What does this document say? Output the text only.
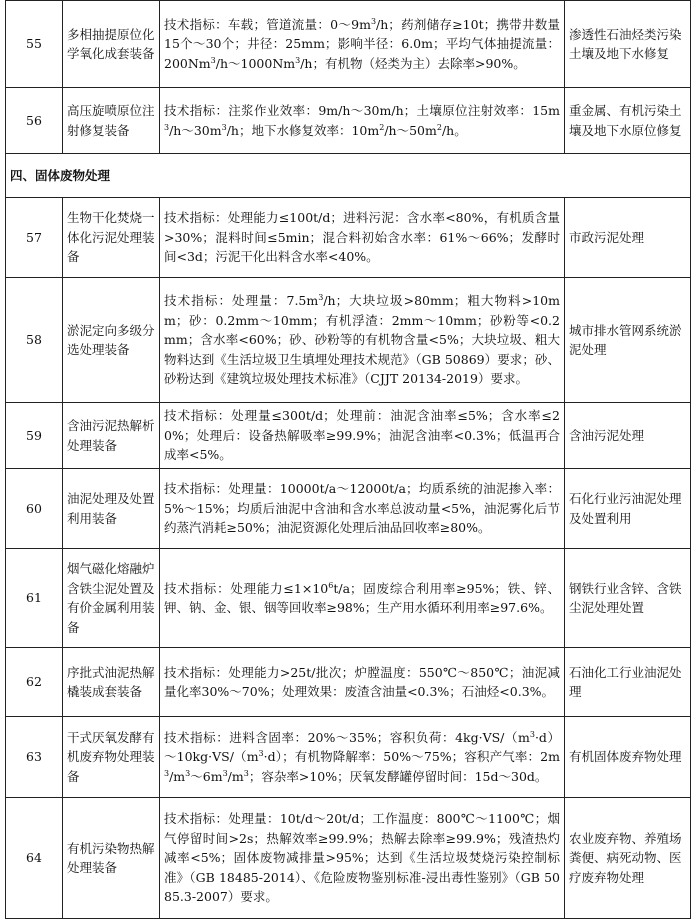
55	多相抽提原位化学氧化成套装备	技术指标：车载；管道流量：$0\sim 9m^3/h$；药剂储存≥10t；携带井数量15个～30个；井径：25mm；影响半径：6.0m；平均气体抽提流量：200Nm$^3$/h～1000Nm$^3$/h；有机物（烃类为主）去除率>90%。	渗透性石油烃类污染土壤及地下水修复
56	高压旋喷原位注射修复装备	技术指标：注浆作业效率：9m/h～30m/h；土壤原位注射效率：$15m^3/h\sim 30m^3/h$；地下水修复效率：$10m^2/h\sim 50m^2/h$。	重金属、有机污染土壤及地下水原位修复
四、固体废物处理			
57	生物干化焚烧一体化污泥处理装备	技术指标：处理能力≤100t/d；进料污泥：含水率<80%，有机质含量>30%；混料时间≤5min；混合料初始含水率：61%～66%；发酵时间<3d；污泥干化出料含水率<40%。	市政污泥处理
58	淤泥定向多级分选处理装备	技术指标：处理量：$7.5m^3/h$；大块垃圾>80mm；粗大物料>10mm；砂：0.2mm～10mm；有机浮渣：2mm～10mm；砂粉等<0.2mm；含水率<60%；砂、砂粉等的有机物含量<5%；大块垃圾、粗大物料达到《生活垃圾卫生填埋处理技术规范》（GB 50869）要求；砂、砂粉达到《建筑垃圾处理技术标准》（CJJT 20134-2019）要求。	城市排水管网系统淤泥处理
59	含油污泥热解析处理装备	技术指标：处理量≤300t/d；处理前：油泥含油率≤5%；含水率≤20%；处理后：设备热解吸率≥99.9%；油泥含油率<0.3%；低温再合成率<5%。	含油污泥处理
60	油泥处理及处置利用装备	技术指标：处理量：10000t/a～12000t/a；均质系统的油泥掺入率：5%～15%；均质后油泥中含油和含水率总波动量<5%，油泥雾化后节约蒸汽消耗≥50%；油泥资源化处理后油品回收率≥80%。	石化行业污油泥处理及处置利用
61	烟气磁化熔融炉含铁尘泥处置及有价金属利用装备	技术指标：处理能力$\le 1\times 10^6t/a$；固废综合利用率≥95%；铁、锌、钾、钠、金、银、铟等回收率≥98%；生产用水循环利用率≥97.6%。	钢铁行业含锌、含铁尘泥处理处置
62	序批式油泥热解橇装成套装备	技术指标：处理能力>25t/批次；炉膛温度：550℃～850℃；油泥减量化率30%～70%；处理效果：废渣含油量<0.3%；石油烃<0.3%。	石油化工行业油泥处理
63	干式厌氧发酵有机废弃物处理装备	技术指标：进料含固率：20%～35%；容积负荷：$4kg\cdot VS/(m^3\cdot d)\sim 10kg\cdot VS/(m^3\cdot d)$；有机物降解率：50%～75%；容积产气率：$2m^3/m^3\sim 6m^3/m^3$；容杂率>10%；厌氧发酵罐停留时间：15d～30d。	有机固体废弃物处理
64	有机污染物热解处理装备	技术指标：处理量：10t/d～20t/d；工作温度：800℃～1100℃；烟气停留时间>2s；热解效率≥99.9%；热解去除率≥99.9%；残渣热灼减率<5%；固体废物减排量>95%；达到《生活垃圾焚烧污染控制标准》（GB 18485-2014）、《危险废物鉴别标准-浸出毒性鉴别》（GB 5085.3-2007）要求。	农业废弃物、养殖场粪便、病死动物、医疗废弃物处理
